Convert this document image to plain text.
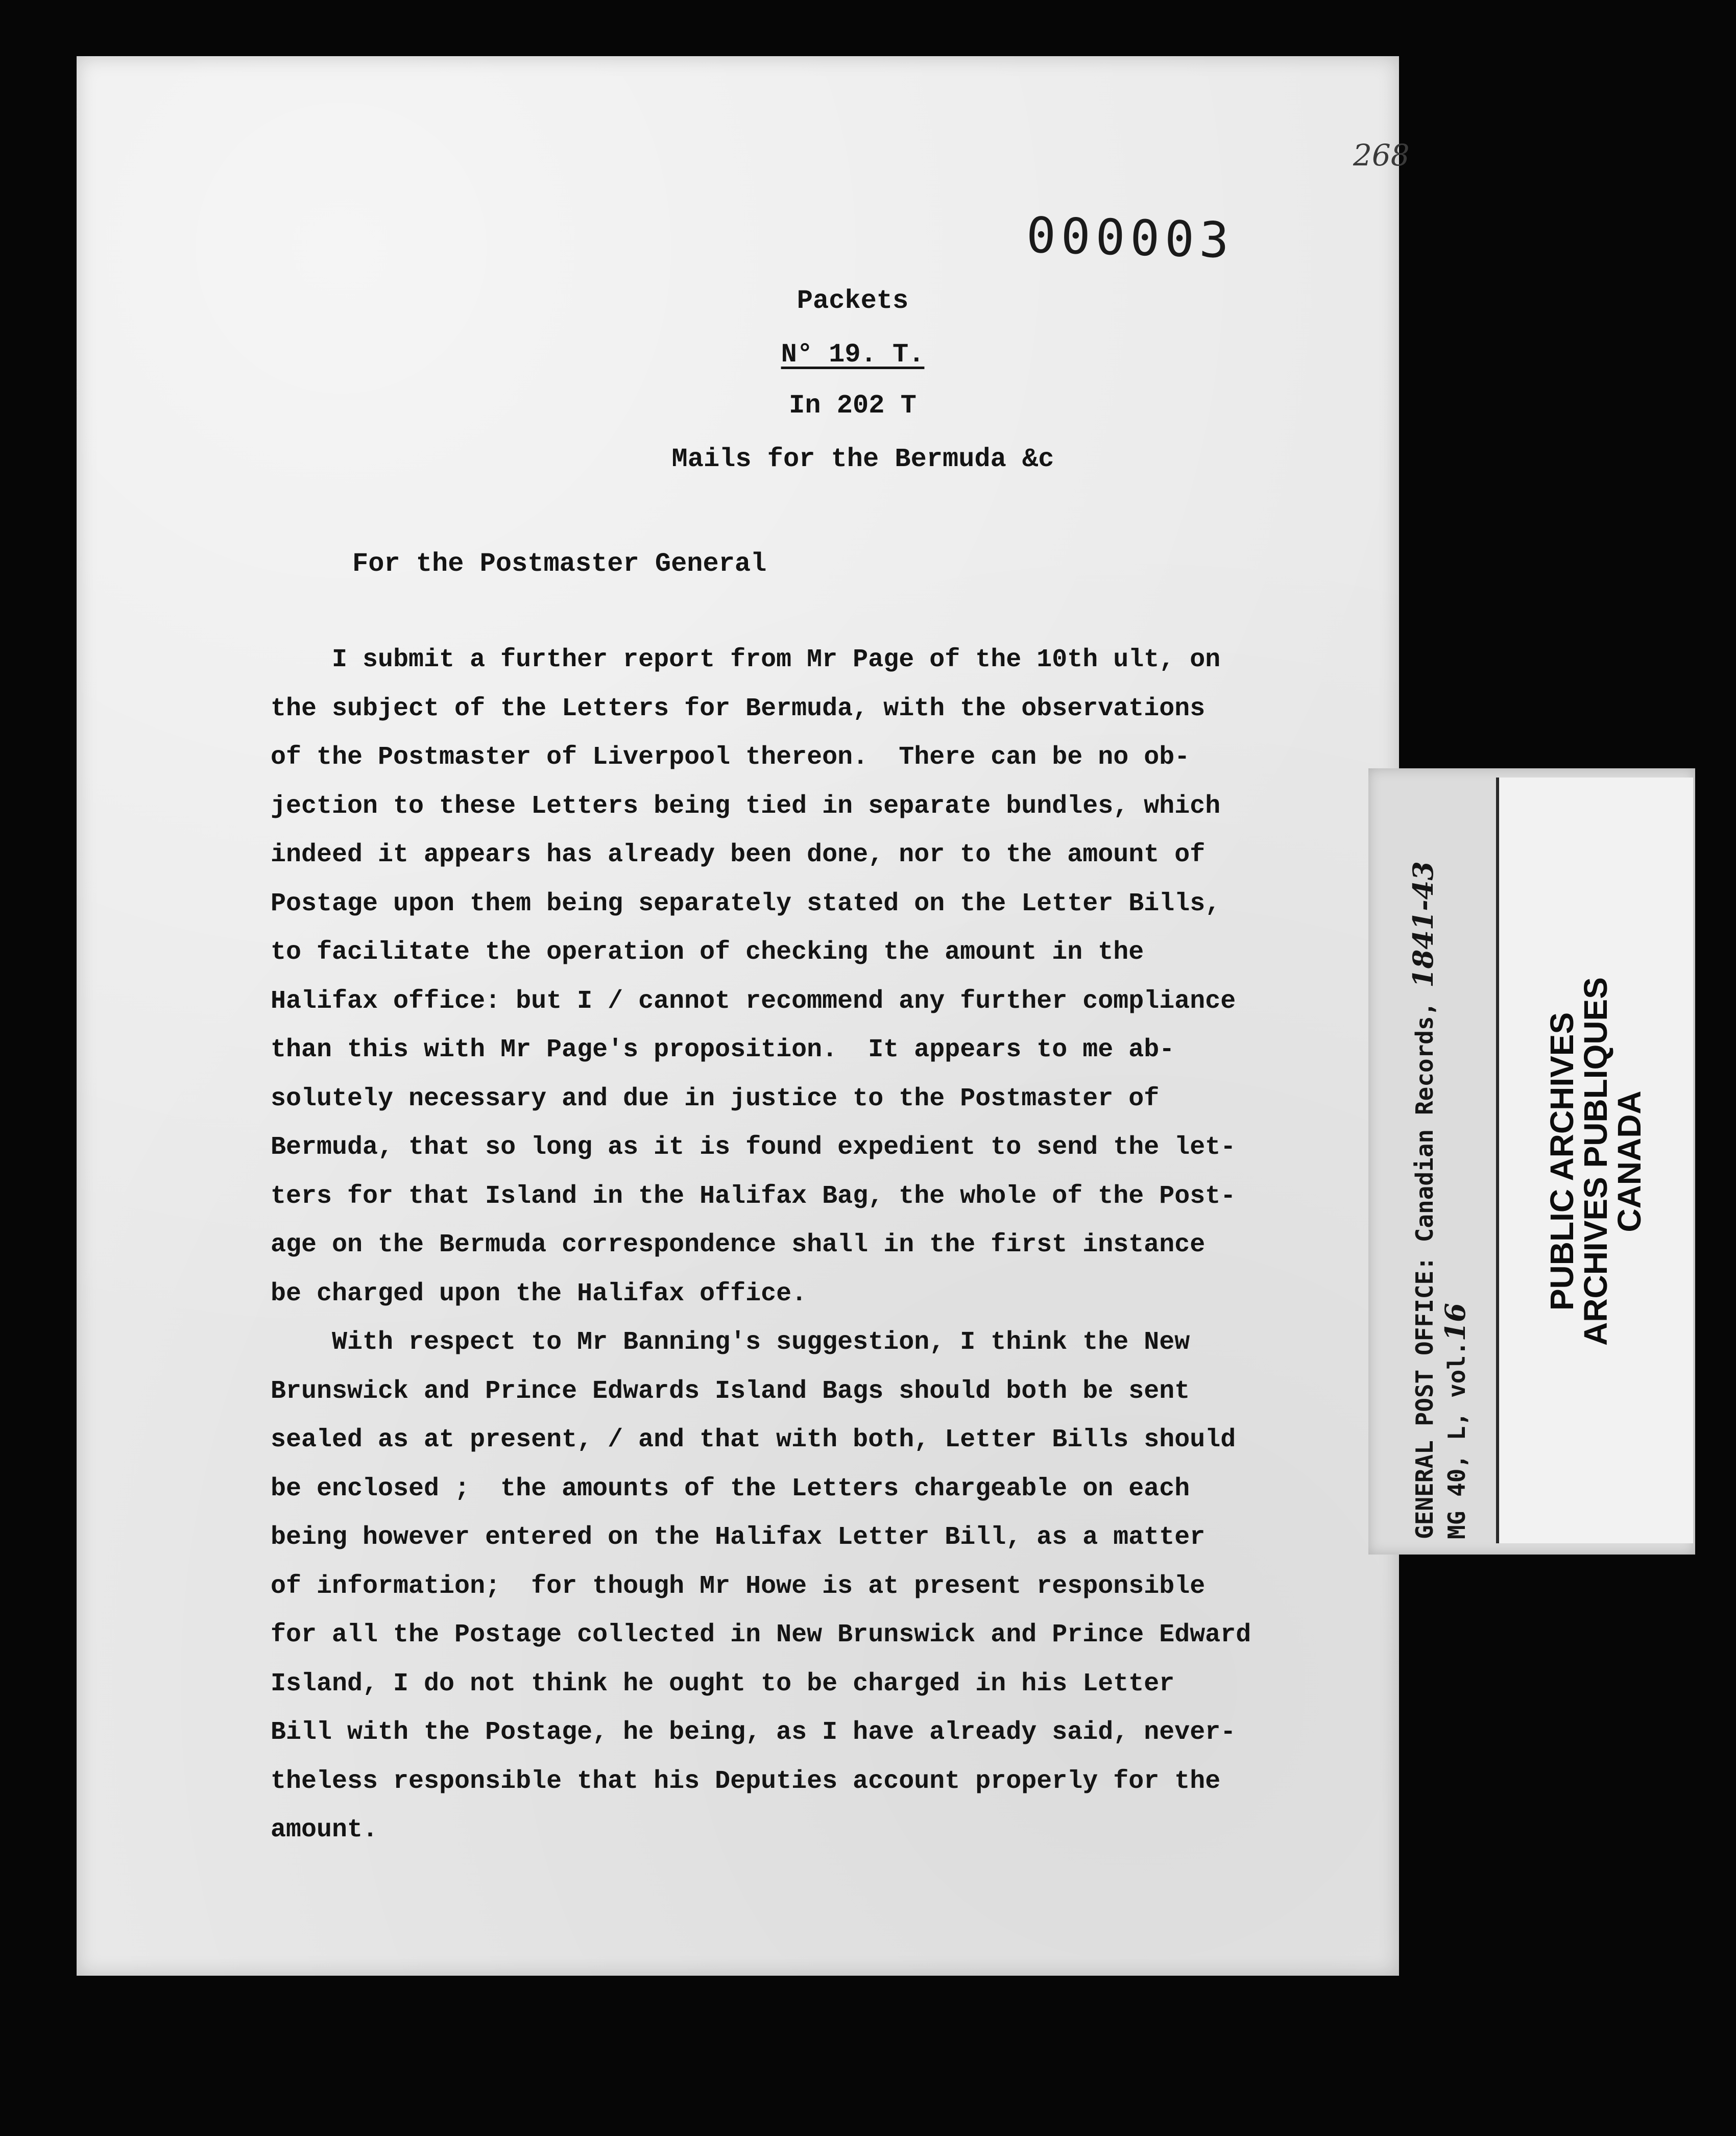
268
000003
Packets
N° 19. T.
In 202 T
Mails for the Bermuda &c
For the Postmaster General
I submit a further report from Mr Page of the 10th ult, on
the subject of the Letters for Bermuda, with the observations
of the Postmaster of Liverpool thereon.  There can be no ob-
jection to these Letters being tied in separate bundles, which
indeed it appears has already been done, nor to the amount of
Postage upon them being separately stated on the Letter Bills,
to facilitate the operation of checking the amount in the
Halifax office: but I / cannot recommend any further compliance
than this with Mr Page's proposition.  It appears to me ab-
solutely necessary and due in justice to the Postmaster of
Bermuda, that so long as it is found expedient to send the let-
ters for that Island in the Halifax Bag, the whole of the Post-
age on the Bermuda correspondence shall in the first instance
be charged upon the Halifax office.
With respect to Mr Banning's suggestion, I think the New
Brunswick and Prince Edwards Island Bags should both be sent
sealed as at present, / and that with both, Letter Bills should
be enclosed ;  the amounts of the Letters chargeable on each
being however entered on the Halifax Letter Bill, as a matter
of information;  for though Mr Howe is at present responsible
for all the Postage collected in New Brunswick and Prince Edward
Island, I do not think he ought to be charged in his Letter
Bill with the Postage, he being, as I have already said, never-
theless responsible that his Deputies account properly for the
amount.
GENERAL POST OFFICE: Canadian Records, 1841-43
MG 40, L, vol.16
PUBLIC ARCHIVES
ARCHIVES PUBLIQUES
CANADA
